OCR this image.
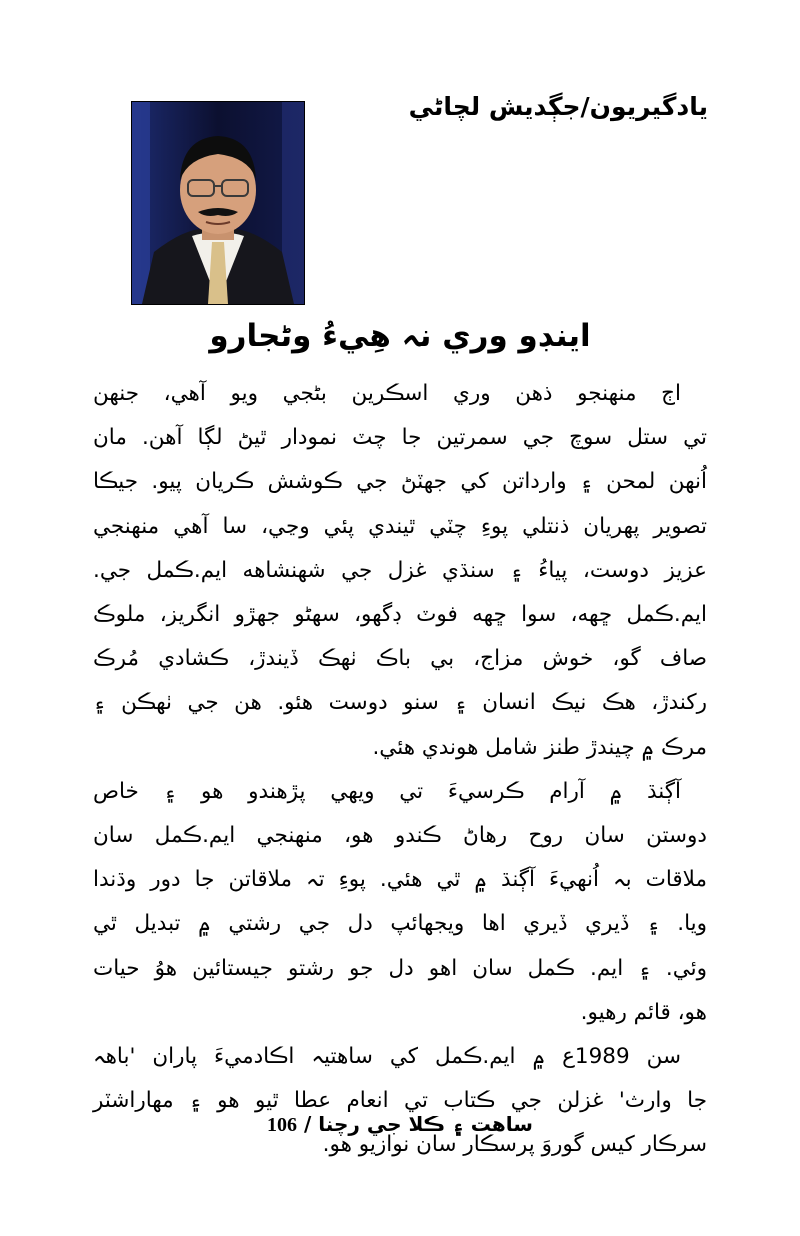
يادگيريون/جڳديش لچاڻي
اينڊو وري نہ هِيءُ وڻجارو
اڄ منهنجو ذهن وري اسڪرين بڻجي ويو آهي، جنهن
تي ستل سوچ جي سمرتين جا چٽ نمودار ٿيڻ لڳا آهن. مان
اُنهن لمحن ۽ وارداتن کي جهٽڻ جي ڪوشش ڪريان پيو. جيڪا
تصوير پهريان ذنتلي پوءِ چٽي ٿيندي پئي وڃي، سا آهي منهنجي
عزيز دوست، پياءُ ۽ سنڌي غزل جي شهنشاهه ايم.ڪمل جي.
ايم.ڪمل ڇهه، سوا ڇهه فوٽ ڊگهو، سهڻو جهڙو انگريز، ملوڪ
صاف گو، خوش مزاج، بي باڪ ٺهڪ ڏيندڙ، ڪشادي مُرڪ
رکندڙ، هڪ نيڪ انسان ۽ سنو دوست هئو. هن جي ٺهڪن ۽
مرڪ ۾ چيندڙ طنز شامل هوندي هئي.
آڳنڌ ۾ آرام ڪرسيءَ تي ويهي پڙهندو هو ۽ خاص
دوستن سان روح رهاڻ ڪندو هو، منهنجي ايم.ڪمل سان
ملاقات بہ اُنهيءَ آڳنڌ ۾ ٿي هئي. پوءِ تہ ملاقاتن جا دور وڌندا
ويا. ۽ ڏيري ڏيري اها ويجهائپ دل جي رشتي ۾ تبديل ٿي
وئي. ۽ ايم. ڪمل سان اهو دل جو رشتو جيستائين هوُ حيات
هو، قائم رهيو.
سن 1989ع ۾ ايم.ڪمل کي ساهتيہ اڪادميءَ پاران 'باهہ
جا وارث' غزلن جي ڪتاب تي انعام عطا ٿيو هو ۽ مهاراشٽر
سرڪار کيس گوروَ پرسڪار سان نوازيو هو.
ساهت ۽ ڪلا جي رچنا / 106
